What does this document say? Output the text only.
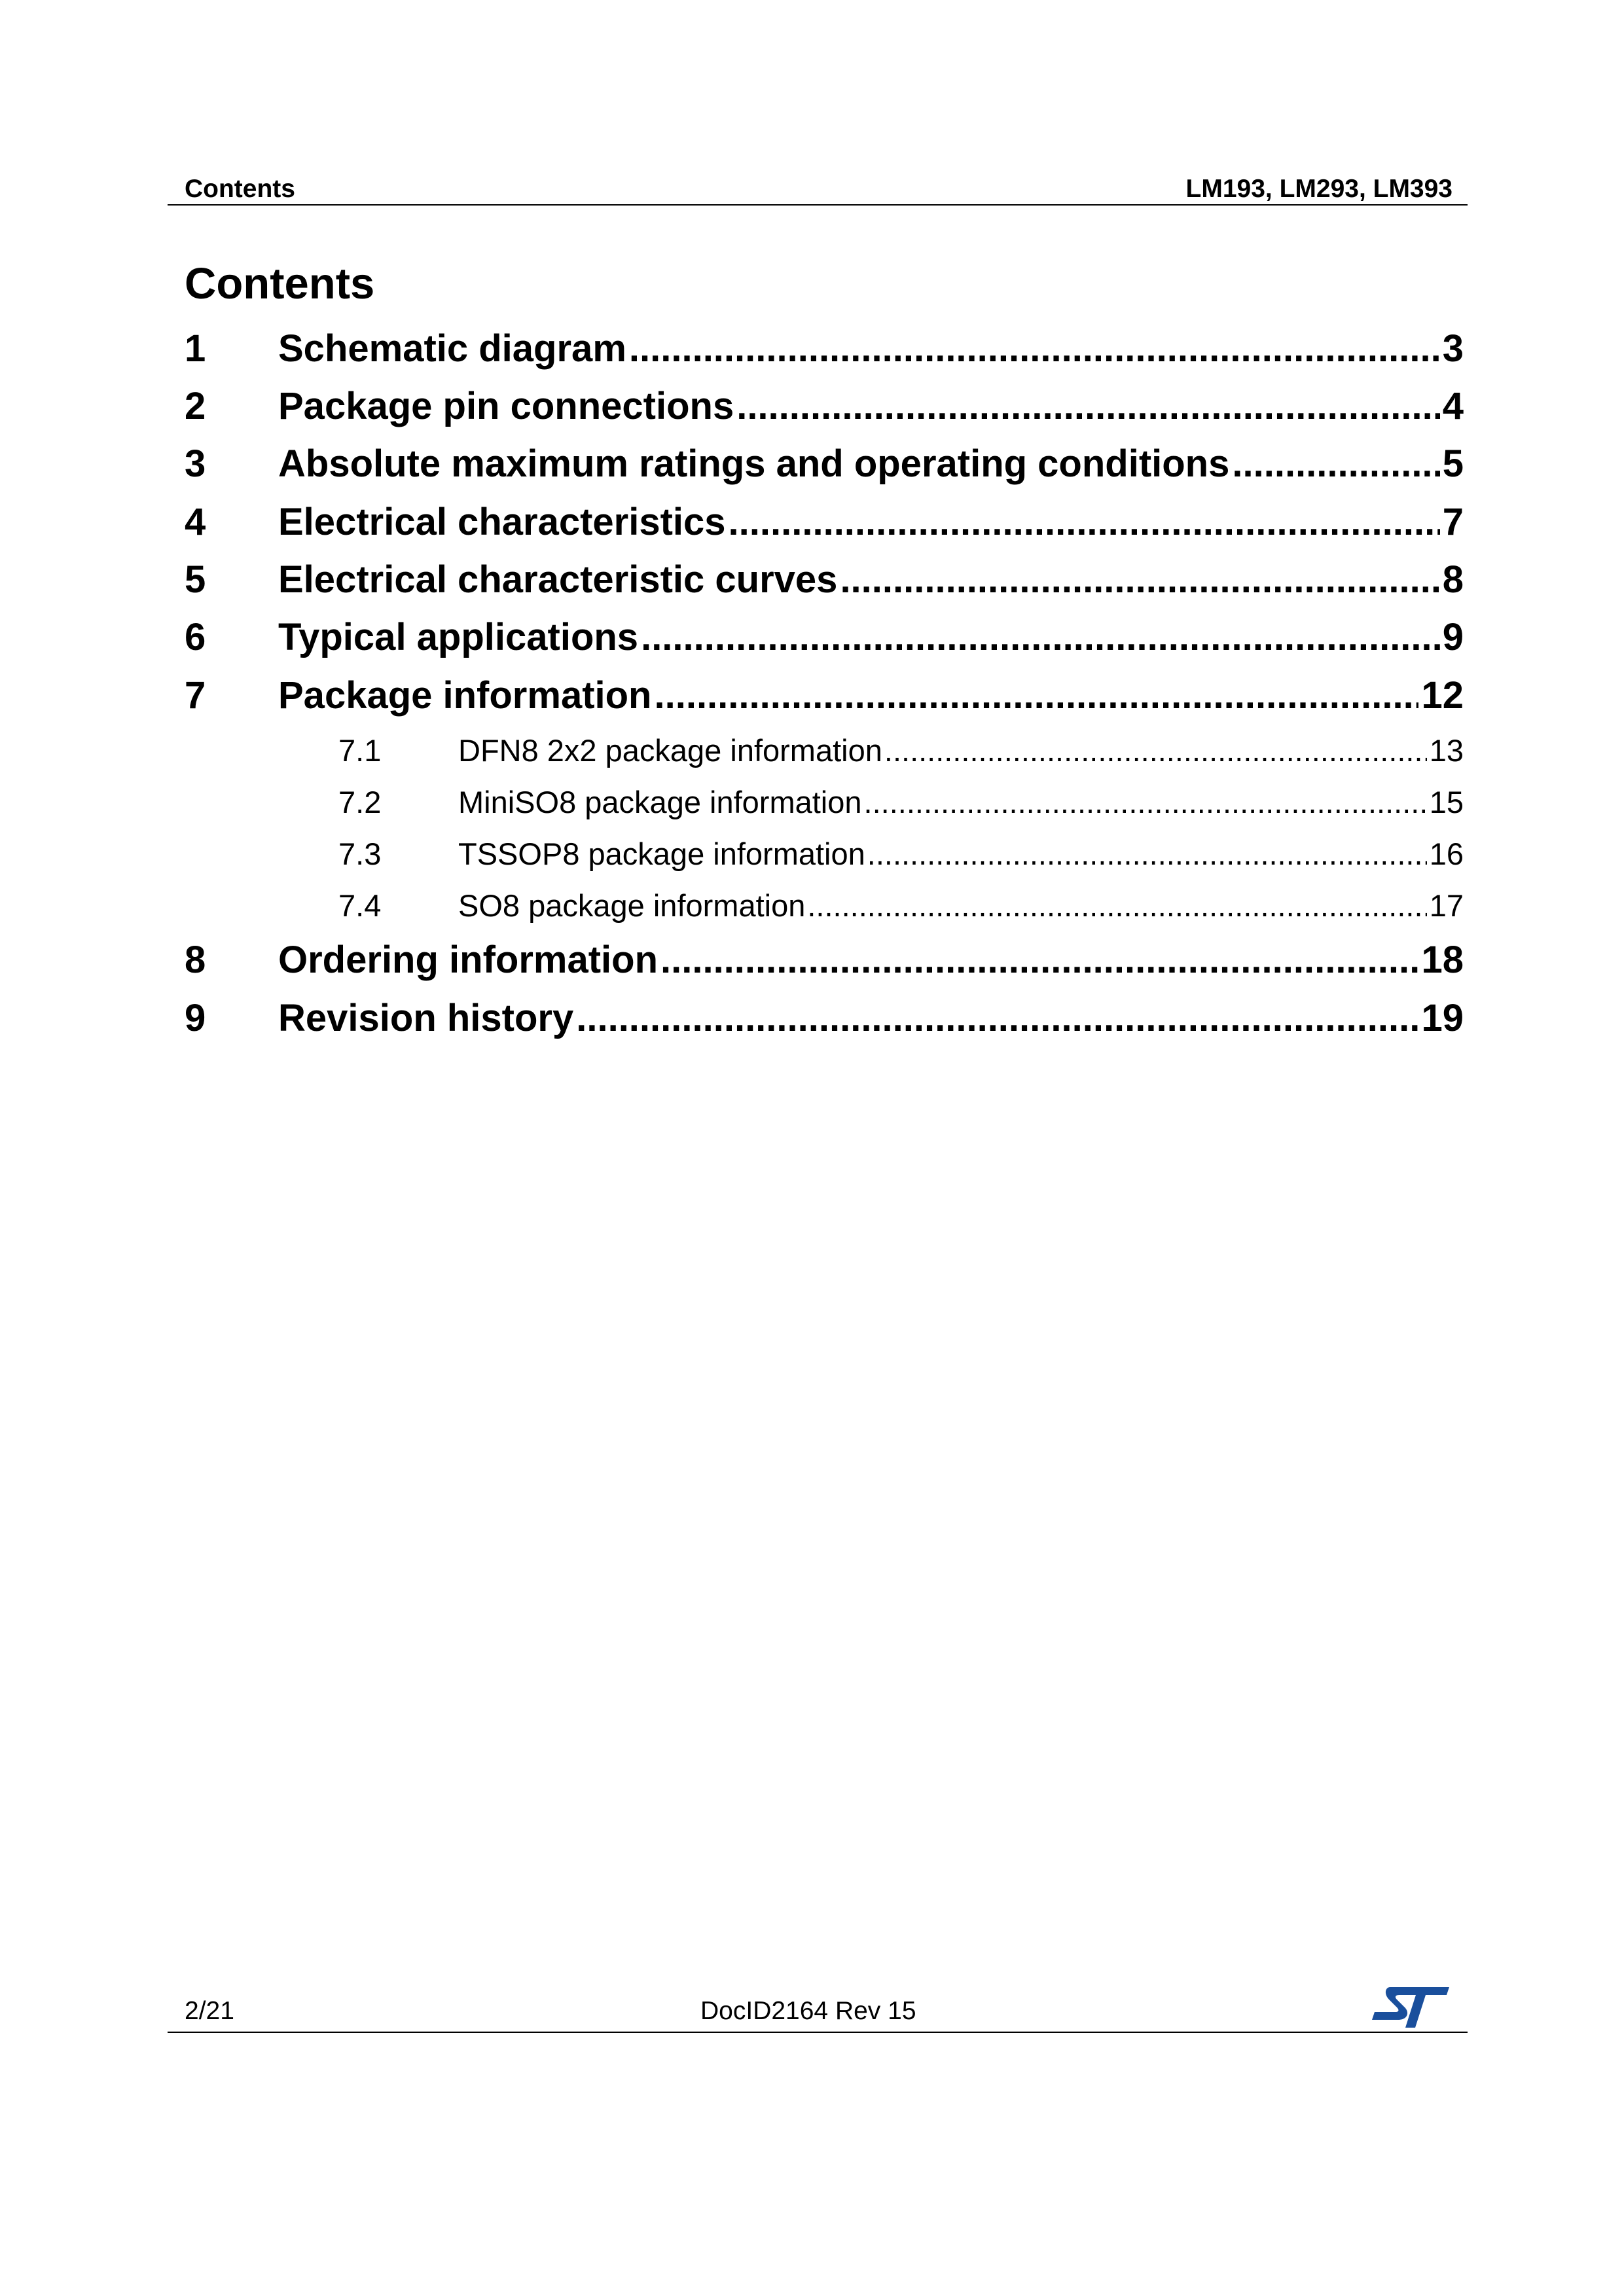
Contents	LM193, LM293, LM393
Contents
1	Schematic diagram .....	3
2	Package pin connections .....	4
3	Absolute maximum ratings and operating conditions .....	5
4	Electrical characteristics .....	7
5	Electrical characteristic curves .....	8
6	Typical applications .....	9
7	Package information .....	12
7.1	DFN8 2x2 package information .....	13
7.2	MiniSO8 package information .....	15
7.3	TSSOP8 package information .....	16
7.4	SO8 package information .....	17
8	Ordering information .....	18
9	Revision history .....	19
2/21	DocID2164 Rev 15
